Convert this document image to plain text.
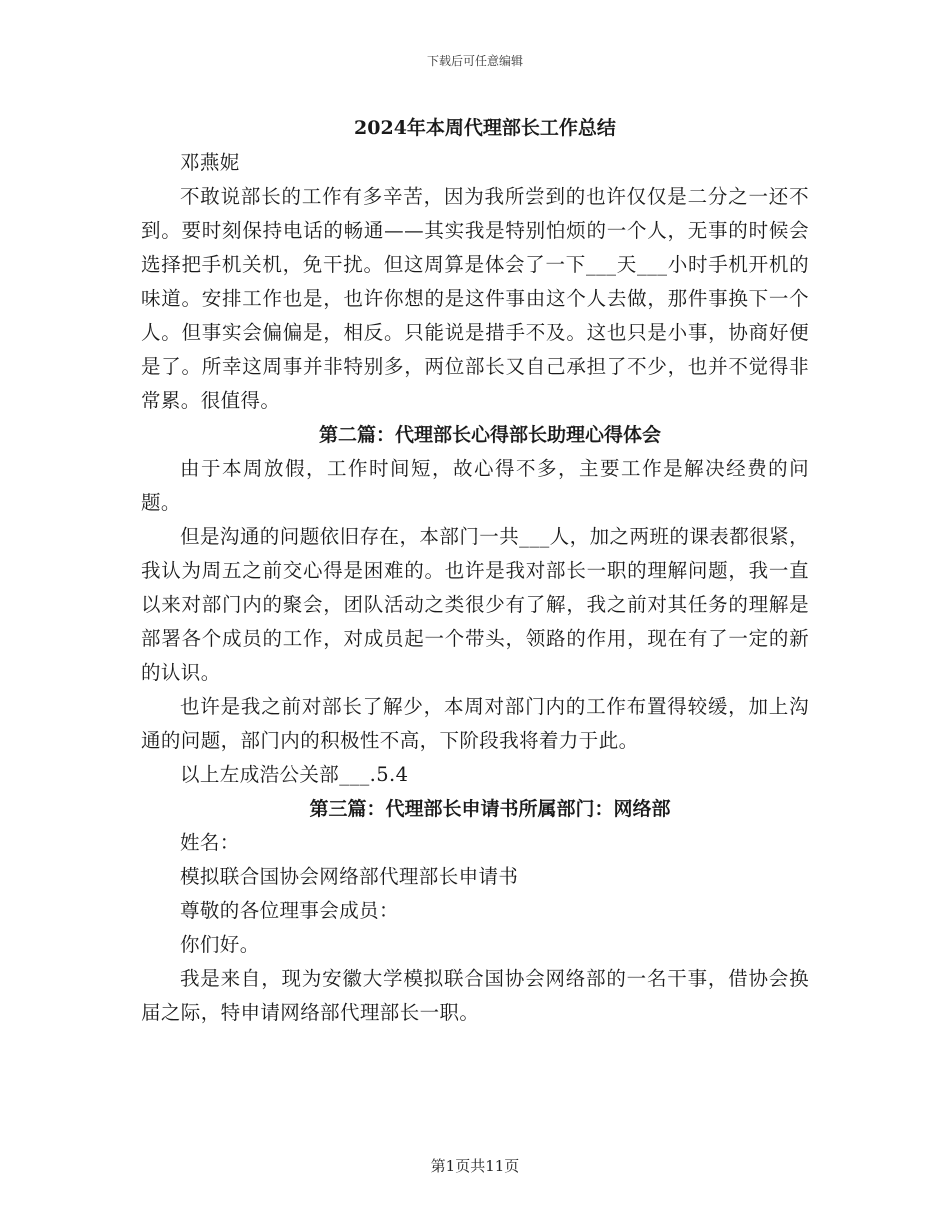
下载后可任意编辑
2024年本周代理部长工作总结

邓燕妮

不敢说部长的工作有多辛苦，因为我所尝到的也许仅仅是二分之一还不到。要时刻保持电话的畅通——其实我是特别怕烦的一个人，无事的时候会选择把手机关机，免干扰。但这周算是体会了一下___天___小时手机开机的味道。安排工作也是，也许你想的是这件事由这个人去做，那件事换下一个人。但事实会偏偏是，相反。只能说是措手不及。这也只是小事，协商好便是了。所幸这周事并非特别多，两位部长又自己承担了不少，也并不觉得非常累。很值得。

第二篇：代理部长心得部长助理心得体会

由于本周放假，工作时间短，故心得不多，主要工作是解决经费的问题。

但是沟通的问题依旧存在，本部门一共___人，加之两班的课表都很紧，我认为周五之前交心得是困难的。也许是我对部长一职的理解问题，我一直以来对部门内的聚会，团队活动之类很少有了解，我之前对其任务的理解是部署各个成员的工作，对成员起一个带头，领路的作用，现在有了一定的新的认识。

也许是我之前对部长了解少，本周对部门内的工作布置得较缓，加上沟通的问题，部门内的积极性不高，下阶段我将着力于此。

以上左成浩公关部___.5.4

第三篇：代理部长申请书所属部门：网络部

姓名：

模拟联合国协会网络部代理部长申请书

尊敬的各位理事会成员：

你们好。

我是来自，现为安徽大学模拟联合国协会网络部的一名干事，借协会换届之际，特申请网络部代理部长一职。

第1页共11页
